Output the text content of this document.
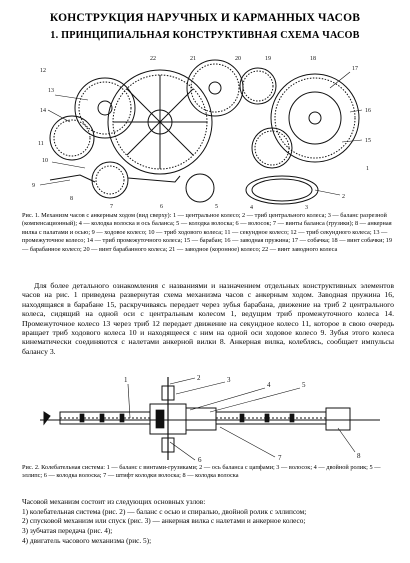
КОНСТРУКЦИЯ НАРУЧНЫХ И КАРМАННЫХ ЧАСОВ
1. ПРИНЦИПИАЛЬНАЯ КОНСТРУКТИВНАЯ СХЕМА ЧАСОВ
12
13
14
11
10
9
8
7	6	5	4	3
2
1
15
16
17
18
19
20
21
22

Рис. 1. Механизм часов с анкерным ходом (вид сверху): 1 — центральное колесо; 2 — триб центрального колеса; 3 — баланс разрезной (компенсационный); 4 — колодка волоска и ось баланса; 5 — колодка волоска; 6 — волосок; 7 — винты баланса (грузики); 8 — анкерная вилка с палатами и осью; 9 — ходовое колесо; 10 — триб ходового колеса; 11 — секундное колесо; 12 — триб секундного колеса; 13 — промежуточное колесо; 14 — триб промежуточного колеса; 15 — барабан; 16 — заводная пружина; 17 — собачка; 18 — винт собачки; 19 — барабанное колесо; 20 — винт барабанного колеса; 21 — заводное (коронное) колесо; 22 — винт заводного колеса

Для более детального ознакомления с названиями и назначением отдельных конструктивных элементов часов на рис. 1 приведена развернутая схема механизма часов с анкерным ходом. Заводная пружина 16, находящаяся в барабане 15, раскручиваясь передает через зубья барабана, движение на триб 2 центрального колеса, сидящий на одной оси с центральным колесом 1, ведущим триб промежуточного колеса 14. Промежуточное колесо 13 через триб 12 передает движение на секундное колесо 11, которое в свою очередь вращает триб ходового колеса 10 и находящееся с ним на одной оси ходовое колесо 9. Зубья этого колеса кинематически соединяются с налетами анкерной вилки 8. Анкерная вилка, колеблясь, сообщает импульсы балансу 3.
1	2	3
4	5
6	7	8

Рис. 2. Колебательная система: 1 — баланс с винтами-грузиками; 2 — ось баланса с цапфами; 3 — волосок; 4 — двойной ролик; 5 — эллипс; 6 — колодка волоска; 7 — штифт колодки волоска; 8 — колодка волоска

Часовой механизм состоит из следующих основных узлов:

1) колебательная система (рис. 2) — баланс с осью и спиралью, двойной ролик с эллипсом;

2) спусковой механизм или спуск (рис. 3) — анкерная вилка с налетами и анкерное колесо;

3) зубчатая передача (рис. 4);

4) двигатель часового механизма (рис. 5);
